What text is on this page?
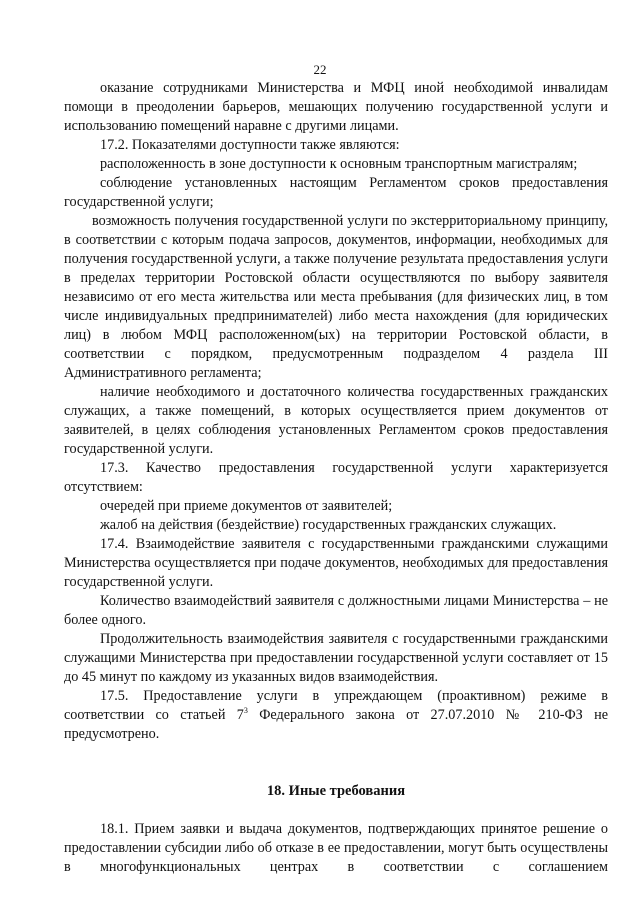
22

оказание сотрудниками Министерства и МФЦ иной необходимой инвалидам помощи в преодолении барьеров, мешающих получению государственной услуги и использованию помещений наравне с другими лицами.

17.2. Показателями доступности также являются:

расположенность в зоне доступности к основным транспортным магистралям;

соблюдение установленных настоящим Регламентом сроков предоставления государственной услуги;

возможность получения государственной услуги по экстерриториальному принципу, в соответствии с которым подача запросов, документов, информации, необходимых для получения государственной услуги, а также получение результата предоставления услуги в пределах территории Ростовской области осуществляются по выбору заявителя независимо от его места жительства или места пребывания (для физических лиц, в том числе индивидуальных предпринимателей) либо места нахождения (для юридических лиц) в любом МФЦ расположенном(ых) на территории Ростовской области, в соответствии с порядком, предусмотренным подразделом 4 раздела III Административного регламента;

наличие необходимого и достаточного количества государственных гражданских служащих, а также помещений, в которых осуществляется прием документов от заявителей, в целях соблюдения установленных Регламентом сроков предоставления государственной услуги.

17.3. Качество предоставления государственной услуги характеризуется отсутствием:

очередей при приеме документов от заявителей;

жалоб на действия (бездействие) государственных гражданских служащих.

17.4. Взаимодействие заявителя с государственными гражданскими служащими Министерства осуществляется при подаче документов, необходимых для предоставления государственной услуги.

Количество взаимодействий заявителя с должностными лицами Министерства – не более одного.

Продолжительность взаимодействия заявителя с государственными гражданскими служащими Министерства при предоставлении государственной услуги составляет от 15 до 45 минут по каждому из указанных видов взаимодействия.

17.5. Предоставление услуги в упреждающем (проактивном) режиме в соответствии со статьей $7^3$ Федерального закона от 27.07.2010 № 210-ФЗ не предусмотрено.

18. Иные требования

18.1. Прием заявки и выдача документов, подтверждающих принятое решение о предоставлении субсидии либо об отказе в ее предоставлении, могут быть осуществлены в многофункциональных центрах в соответствии с соглашением
